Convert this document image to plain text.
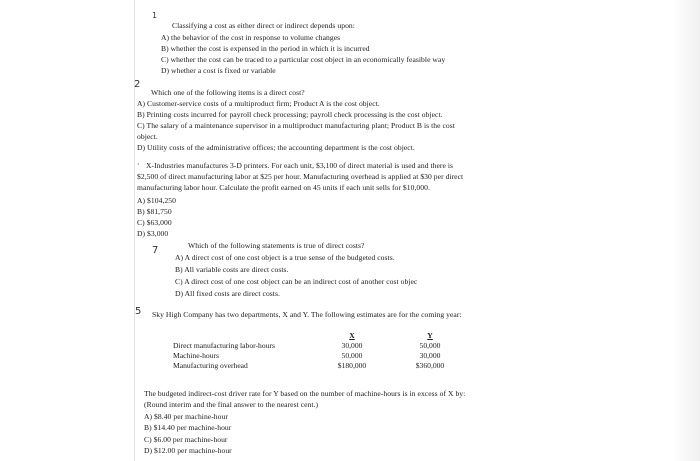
1
Classifying a cost as either direct or indirect depends upon:
A) the behavior of the cost in response to volume changes
B) whether the cost is expensed in the period in which it is incurred
C) whether the cost can be traced to a particular cost object in an economically feasible way
D) whether a cost is fixed or variable
2
Which one of the following items is a direct cost?
A) Customer-service costs of a multiproduct firm; Product A is the cost object.
B) Printing costs incurred for payroll check processing; payroll check processing is the cost object.
C) The salary of a maintenance supervisor in a multiproduct manufacturing plant; Product B is the cost
object.
D) Utility costs of the administrative offices; the accounting department is the cost object.
· X-Industries manufactures 3-D printers. For each unit, $3,100 of direct material is used and there is
$2,500 of direct manufacturing labor at $25 per hour. Manufacturing overhead is applied at $30 per direct
manufacturing labor hour. Calculate the profit earned on 45 units if each unit sells for $10,000.
A) $104,250
B) $81,750
C) $63,000
D) $3,000
7	Which of the following statements is true of direct costs?
A) A direct cost of one cost object is a true sense of the budgeted costs.
B) All variable costs are direct costs.
C) A direct cost of one cost object can be an indirect cost of another cost objec
D) All fixed costs are direct costs.
5 Sky High Company has two departments, X and Y. The following estimates are for the coming year:
	X		Y
Direct manufacturing labor-hours	30,000		50,000
Machine-hours	50,000		30,000
Manufacturing overhead	$180,000		$360,000
The budgeted indirect-cost driver rate for Y based on the number of machine-hours is in excess of X by:
(Round interim and the final answer to the nearest cent.)
A) $8.40 per machine-hour
B) $14.40 per machine-hour
C) $6.00 per machine-hour
D) $12.00 per machine-hour
